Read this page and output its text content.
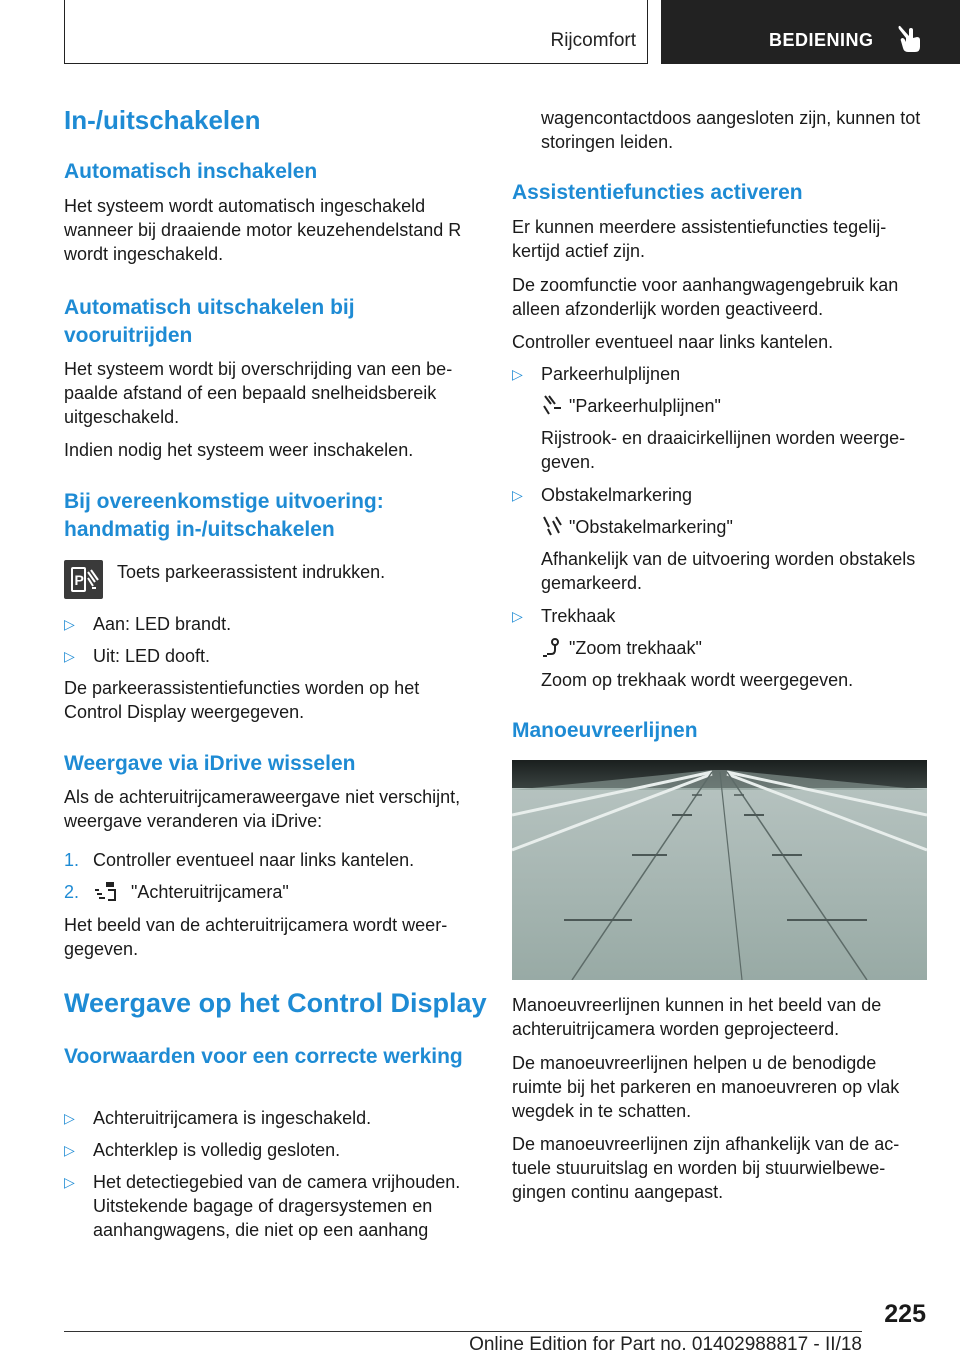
Rijcomfort	BEDIENING
In-/uitschakelen
Automatisch inschakelen

Het systeem wordt automatisch ingeschakeld wanneer bij draaiende motor keuzehendelstand R wordt ingeschakeld.

Automatisch uitschakelen bij vooruitrijden

Het systeem wordt bij overschrijding van een bepaalde afstand of een bepaald snelheidsbereik uitgeschakeld.

Indien nodig het systeem weer inschakelen.

Bij overeenkomstige uitvoering: handmatig in-/uitschakelen
P Toets parkeerassistent indrukken.

▷ Aan: LED brandt.
▷ Uit: LED dooft.

De parkeerassistentiefuncties worden op het Control Display weergegeven.

Weergave via iDrive wisselen

Als de achteruitrijcameraweergave niet verschijnt, weergave veranderen via iDrive:

1. Controller eventueel naar links kantelen.
2.	"Achteruitrijcamera"

Het beeld van de achteruitrijcamera wordt weergegeven.

Weergave op het Control Display
Voorwaarden voor een correcte werking
▷ Achteruitrijcamera is ingeschakeld.
▷ Achterklep is volledig gesloten.
▷ Het detectiegebied van de camera vrijhouden. Uitstekende bagage of dragersystemen en aanhangwagens, die niet op een aanhang

wagencontactdoos aangesloten zijn, kunnen tot storingen leiden.

Assistentiefuncties activeren

Er kunnen meerdere assistentiefuncties tegelijkertijd actief zijn.

De zoomfunctie voor aanhangwagengebruik kan alleen afzonderlijk worden geactiveerd.

Controller eventueel naar links kantelen.

▷ Parkeerhulplijnen
"Parkeerhulplijnen"

Rijstrook- en draaicirkellijnen worden weergegeven.

▷ Obstakelmarkering
"Obstakelmarkering"

Afhankelijk van de uitvoering worden obstakels gemarkeerd.

▷ Trekhaak
"Zoom trekhaak"

Zoom op trekhaak wordt weergegeven.

Manoeuvreerlijnen

Manoeuvreerlijnen kunnen in het beeld van de achteruitrijcamera worden geprojecteerd.

De manoeuvreerlijnen helpen u de benodigde ruimte bij het parkeren en manoeuvreren op vlak wegdek in te schatten.

De manoeuvreerlijnen zijn afhankelijk van de actuele stuuruitslag en worden bij stuurwielbewegingen continu aangepast.

225
Online Edition for Part no. 01402988817 - II/18
